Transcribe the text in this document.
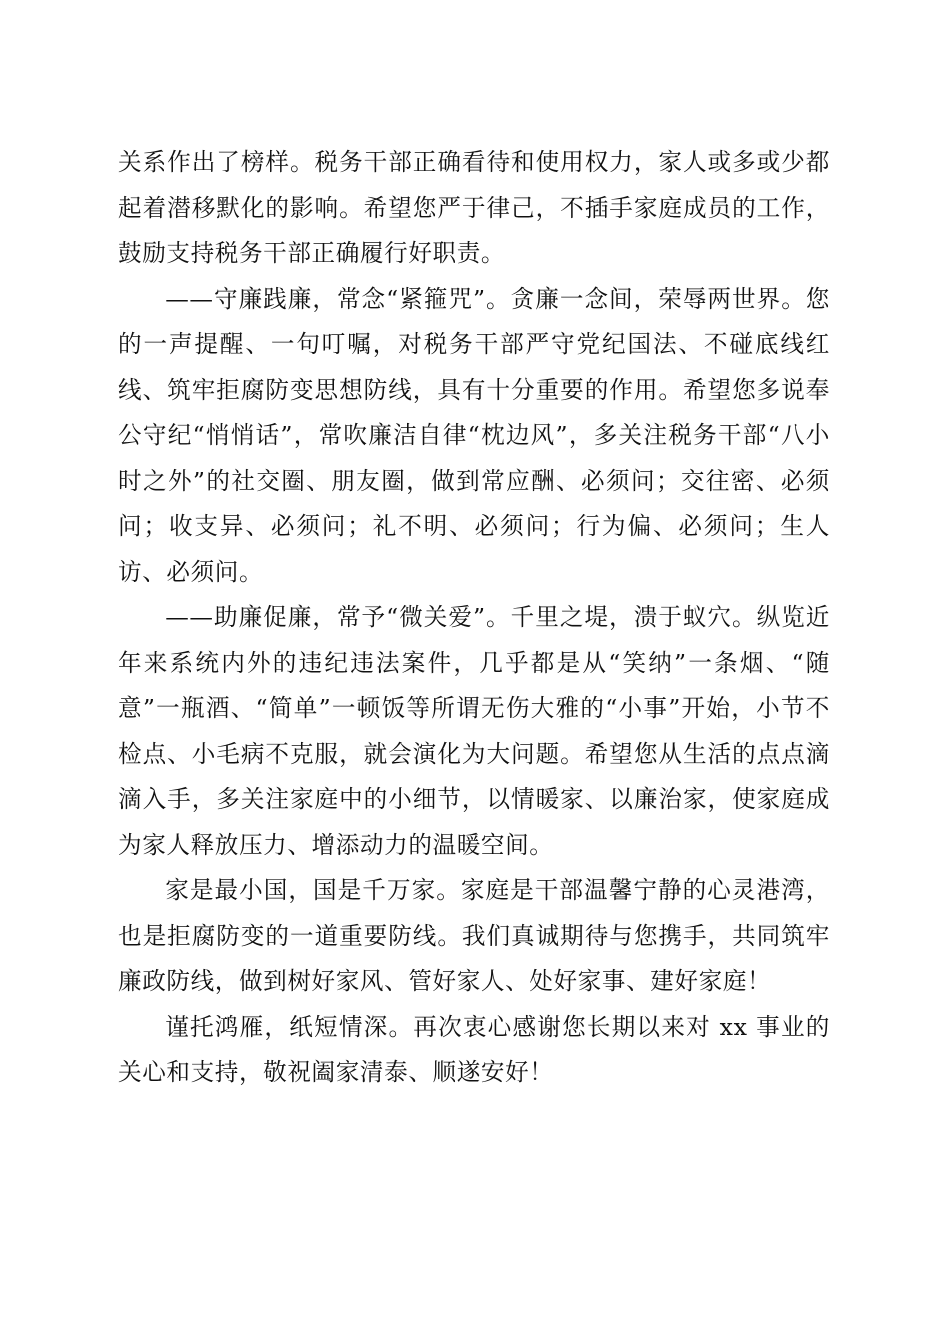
关系作出了榜样。税务干部正确看待和使用权力，家人或多或少都起着潜移默化的影响。希望您严于律己，不插手家庭成员的工作，鼓励支持税务干部正确履行好职责。

——守廉践廉，常念“紧箍咒”。贪廉一念间，荣辱两世界。您的一声提醒、一句叮嘱，对税务干部严守党纪国法、不碰底线红线、筑牢拒腐防变思想防线，具有十分重要的作用。希望您多说奉公守纪“悄悄话”，常吹廉洁自律“枕边风”，多关注税务干部“八小时之外”的社交圈、朋友圈，做到常应酬、必须问；交往密、必须问；收支异、必须问；礼不明、必须问；行为偏、必须问；生人访、必须问。

——助廉促廉，常予“微关爱”。千里之堤，溃于蚁穴。纵览近年来系统内外的违纪违法案件，几乎都是从“笑纳”一条烟、“随意”一瓶酒、“简单”一顿饭等所谓无伤大雅的“小事”开始，小节不检点、小毛病不克服，就会演化为大问题。希望您从生活的点点滴滴入手，多关注家庭中的小细节，以情暖家、以廉治家，使家庭成为家人释放压力、增添动力的温暖空间。

家是最小国，国是千万家。家庭是干部温馨宁静的心灵港湾，也是拒腐防变的一道重要防线。我们真诚期待与您携手，共同筑牢廉政防线，做到树好家风、管好家人、处好家事、建好家庭！

谨托鸿雁，纸短情深。再次衷心感谢您长期以来对 xx 事业的关心和支持，敬祝阖家清泰、顺遂安好！
